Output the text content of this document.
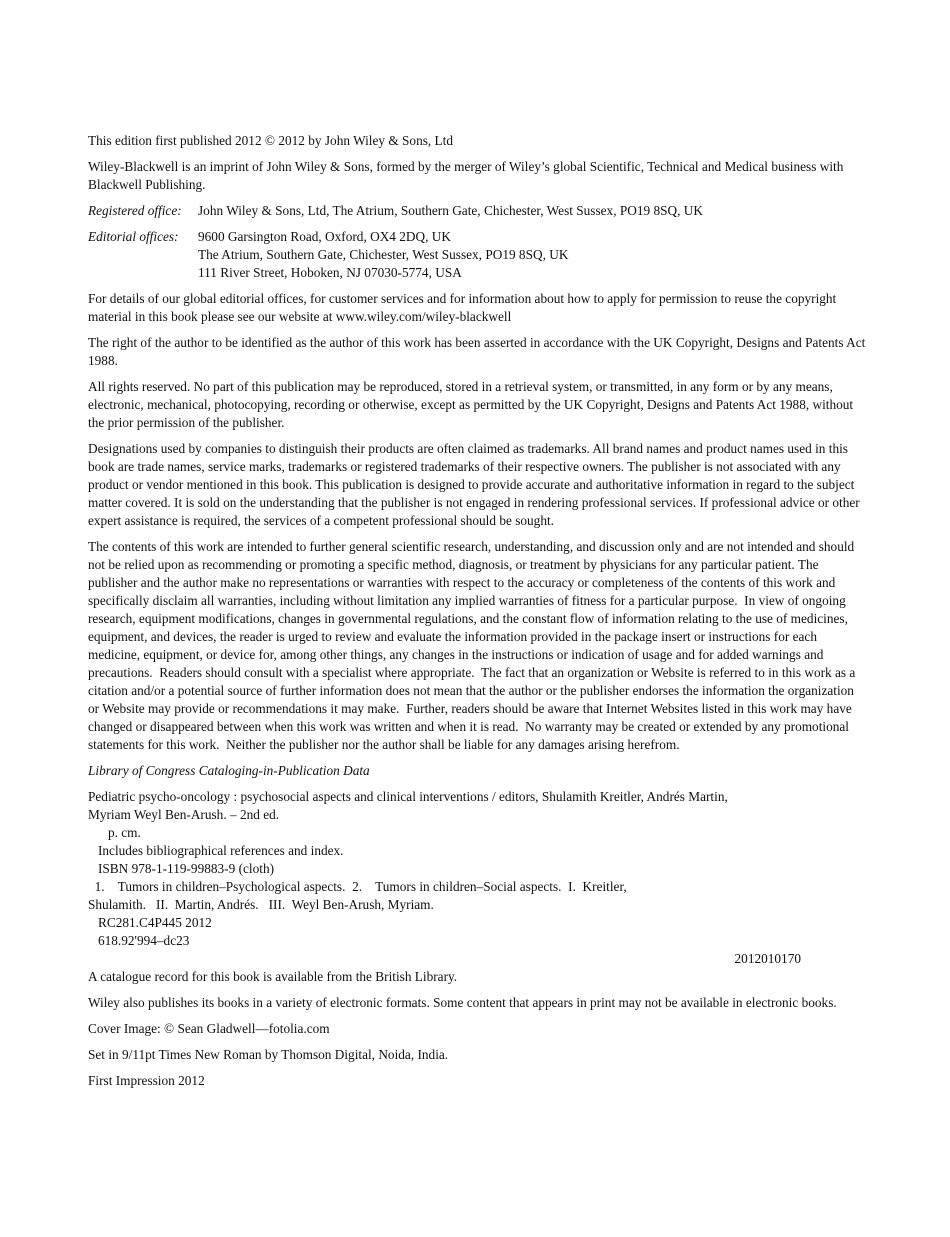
This edition first published 2012 © 2012 by John Wiley & Sons, Ltd

Wiley-Blackwell is an imprint of John Wiley & Sons, formed by the merger of Wiley’s global Scientific, Technical and Medical business with Blackwell Publishing.

Registered office:	John Wiley & Sons, Ltd, The Atrium, Southern Gate, Chichester, West Sussex, PO19 8SQ, UK
Editorial offices:	9600 Garsington Road, Oxford, OX4 2DQ, UK
The Atrium, Southern Gate, Chichester, West Sussex, PO19 8SQ, UK
111 River Street, Hoboken, NJ 07030-5774, USA

For details of our global editorial offices, for customer services and for information about how to apply for permission to reuse the copyright material in this book please see our website at www.wiley.com/wiley-blackwell

The right of the author to be identified as the author of this work has been asserted in accordance with the UK Copyright, Designs and Patents Act 1988.

All rights reserved. No part of this publication may be reproduced, stored in a retrieval system, or transmitted, in any form or by any means, electronic, mechanical, photocopying, recording or otherwise, except as permitted by the UK Copyright, Designs and Patents Act 1988, without the prior permission of the publisher.

Designations used by companies to distinguish their products are often claimed as trademarks. All brand names and product names used in this book are trade names, service marks, trademarks or registered trademarks of their respective owners. The publisher is not associated with any product or vendor mentioned in this book. This publication is designed to provide accurate and authoritative information in regard to the subject matter covered. It is sold on the understanding that the publisher is not engaged in rendering professional services. If professional advice or other expert assistance is required, the services of a competent professional should be sought.

The contents of this work are intended to further general scientific research, understanding, and discussion only and are not intended and should not be relied upon as recommending or promoting a specific method, diagnosis, or treatment by physicians for any particular patient. The publisher and the author make no representations or warranties with respect to the accuracy or completeness of the contents of this work and specifically disclaim all warranties, including without limitation any implied warranties of fitness for a particular purpose.  In view of ongoing research, equipment modifications, changes in governmental regulations, and the constant flow of information relating to the use of medicines, equipment, and devices, the reader is urged to review and evaluate the information provided in the package insert or instructions for each medicine, equipment, or device for, among other things, any changes in the instructions or indication of usage and for added warnings and precautions.  Readers should consult with a specialist where appropriate.  The fact that an organization or Website is referred to in this work as a citation and/or a potential source of further information does not mean that the author or the publisher endorses the information the organization or Website may provide or recommendations it may make.  Further, readers should be aware that Internet Websites listed in this work may have changed or disappeared between when this work was written and when it is read.  No warranty may be created or extended by any promotional statements for this work.  Neither the publisher nor the author shall be liable for any damages arising herefrom.

Library of Congress Cataloging-in-Publication Data

Pediatric psycho-oncology : psychosocial aspects and clinical interventions / editors, Shulamith Kreitler, Andrés Martin,
Myriam Weyl Ben-Arush. – 2nd ed.
p. cm.
Includes bibliographical references and index.
ISBN 978-1-119-99883-9 (cloth)
1.    Tumors in children–Psychological aspects.  2.    Tumors in children–Social aspects.  I.  Kreitler,
Shulamith.   II.  Martin, Andrés.   III.  Weyl Ben-Arush, Myriam.
RC281.C4P445 2012
618.92'994–dc23
2012010170

A catalogue record for this book is available from the British Library.

Wiley also publishes its books in a variety of electronic formats. Some content that appears in print may not be available in electronic books.

Cover Image: © Sean Gladwell—fotolia.com

Set in 9/11pt Times New Roman by Thomson Digital, Noida, India.

First Impression 2012
